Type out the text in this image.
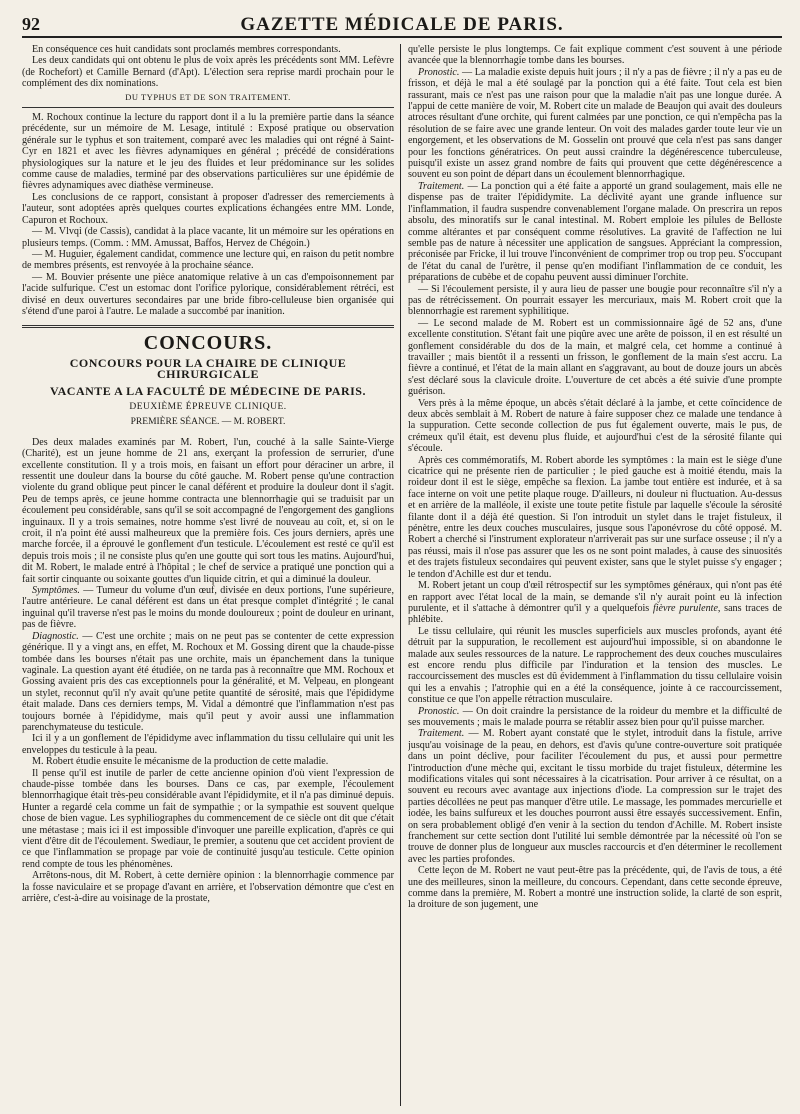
92	GAZETTE MÉDICALE DE PARIS.

En conséquence ces huit candidats sont proclamés membres correspondants.

Les deux candidats qui ont obtenu le plus de voix après les précédents sont MM. Lefèvre (de Rochefort) et Camille Bernard (d'Apt). L'élection sera reprise mardi prochain pour le complément des dix nominations.

DU TYPHUS ET DE SON TRAITEMENT.

M. Rochoux continue la lecture du rapport dont il a lu la première partie dans la séance précédente, sur un mémoire de M. Lesage, intitulé : Exposé pratique ou observation générale sur le typhus et son traitement, comparé avec les maladies qui ont régné à Saint-Cyr en 1821 et avec les fièvres adynamiques en général ; précédé de considérations physiologiques sur la nature et le jeu des fluides et leur prédominance sur les solides comme cause de maladies, terminé par des observations particulières sur une épidémie de fièvres adynamiques avec diathèse vermineuse.

Les conclusions de ce rapport, consistant à proposer d'adresser des remerciements à l'auteur, sont adoptées après quelques courtes explications échangées entre MM. Londe, Capuron et Rochoux.

— M. Vlvqi (de Cassis), candidat à la place vacante, lit un mémoire sur les opérations en plusieurs temps. (Comm. : MM. Amussat, Baffos, Hervez de Chégoin.)

— M. Huguier, également candidat, commence une lecture qui, en raison du petit nombre de membres présents, est renvoyée à la prochaine séance.

— M. Bouvier présente une pièce anatomique relative à un cas d'empoisonnement par l'acide sulfurique. C'est un estomac dont l'orifice pylorique, considérablement rétréci, est divisé en deux ouvertures secondaires par une bride fibro-celluleuse bien organisée qui s'étend d'une paroi à l'autre. Le malade a succombé par inanition.

CONCOURS.
CONCOURS POUR LA CHAIRE DE CLINIQUE CHIRURGICALE
VACANTE A LA FACULTÉ DE MÉDECINE DE PARIS.
DEUXIÈME ÉPREUVE CLINIQUE.
PREMIÈRE SÉANCE. — M. ROBERT.

Des deux malades examinés par M. Robert, l'un, couché à la salle Sainte-Vierge (Charité), est un jeune homme de 21 ans, exerçant la profession de serrurier, d'une excellente constitution. Il y a trois mois, en faisant un effort pour déraciner un arbre, il ressentit une douleur dans la bourse du côté gauche. M. Robert pense qu'une contraction violente du grand oblique peut pincer le canal déférent et produire la douleur dont il s'agit. Peu de temps après, ce jeune homme contracta une blennorrhagie qui se traduisit par un écoulement peu considérable, sans qu'il se soit accompagné de l'engorgement des ganglions inguinaux. Il y a trois semaines, notre homme s'est livré de nouveau au coït, et, si on le croit, il n'a point été aussi malheureux que la première fois. Ces jours derniers, après une marche forcée, il a éprouvé le gonflement d'un testicule. L'écoulement est resté ce qu'il est depuis trois mois ; il ne consiste plus qu'en une goutte qui sort tous les matins. Aujourd'hui, dit M. Robert, le malade entré à l'hôpital ; le chef de service a pratiqué une ponction qui a fait sortir cinquante ou soixante gouttes d'un liquide citrin, et qui a diminué la douleur.

Symptômes. — Tumeur du volume d'un œuf, divisée en deux portions, l'une supérieure, l'autre antérieure. Le canal déférent est dans un état presque complet d'intégrité ; le canal inguinal qu'il traverse n'est pas le moins du monde douloureux ; point de douleur en urinant, pas de fièvre.

Diagnostic. — C'est une orchite ; mais on ne peut pas se contenter de cette expression générique. Il y a vingt ans, en effet, M. Rochoux et M. Gossing dirent que la chaude-pisse tombée dans les bourses n'était pas une orchite, mais un épanchement dans la tunique vaginale. La question ayant été étudiée, on ne tarda pas à reconnaître que MM. Rochoux et Gossing avaient pris des cas exceptionnels pour la généralité, et M. Velpeau, en plongeant un stylet, reconnut qu'il n'y avait qu'une petite quantité de sérosité, mais que l'épididyme était malade. Dans ces derniers temps, M. Vidal a démontré que l'inflammation n'est pas toujours bornée à l'épididyme, mais qu'il peut y avoir aussi une inflammation parenchymateuse du testicule.

Ici il y a un gonflement de l'épididyme avec inflammation du tissu cellulaire qui unit les enveloppes du testicule à la peau.

M. Robert étudie ensuite le mécanisme de la production de cette maladie.

Il pense qu'il est inutile de parler de cette ancienne opinion d'où vient l'expression de chaude-pisse tombée dans les bourses. Dans ce cas, par exemple, l'écoulement blennorrhagique était très-peu considérable avant l'épididymite, et il n'a pas diminué depuis. Hunter a regardé cela comme un fait de sympathie ; or la sympathie est souvent quelque chose de bien vague. Les syphiliographes du commencement de ce siècle ont dit que c'était une métastase ; mais ici il est impossible d'invoquer une pareille explication, d'après ce qui vient d'être dit de l'écoulement. Swediaur, le premier, a soutenu que cet accident provient de ce que l'inflammation se propage par voie de continuité jusqu'au testicule. Cette opinion rend compte de tous les phénomènes.

Arrêtons-nous, dit M. Robert, à cette dernière opinion : la blennorrhagie commence par la fosse naviculaire et se propage d'avant en arrière, et l'observation démontre que c'est en arrière, c'est-à-dire au voisinage de la prostate,

qu'elle persiste le plus longtemps. Ce fait explique comment c'est souvent à une période avancée que la blennorrhagie tombe dans les bourses.

Pronostic. — La maladie existe depuis huit jours ; il n'y a pas de fièvre ; il n'y a pas eu de frisson, et déjà le mal a été soulagé par la ponction qui a été faite. Tout cela est bien rassurant, mais ce n'est pas une raison pour que la maladie n'ait pas une longue durée. A l'appui de cette manière de voir, M. Robert cite un malade de Beaujon qui avait des douleurs atroces résultant d'une orchite, qui furent calmées par une ponction, ce qui n'empêcha pas la résolution de se faire avec une grande lenteur. On voit des malades garder toute leur vie un engorgement, et les observations de M. Gosselin ont prouvé que cela n'est pas sans danger pour les fonctions génératrices. On peut aussi craindre la dégénérescence tuberculeuse, puisqu'il existe un assez grand nombre de faits qui prouvent que cette dégénérescence a souvent eu son point de départ dans un écoulement blennorrhagique.

Traitement. — La ponction qui a été faite a apporté un grand soulagement, mais elle ne dispense pas de traiter l'épididymite. La déclivité ayant une grande influence sur l'inflammation, il faudra suspendre convenablement l'organe malade. On prescrira un repos absolu, des minoratifs sur le canal intestinal. M. Robert emploie les pilules de Belloste comme altérantes et par conséquent comme résolutives. La gravité de l'affection ne lui semble pas de nature à nécessiter une application de sangsues. Appréciant la compression, préconisée par Fricke, il lui trouve l'inconvénient de comprimer trop ou trop peu. S'occupant de l'état du canal de l'urètre, il pense qu'en modifiant l'inflammation de ce conduit, les préparations de cubèbe et de copahu peuvent aussi diminuer l'orchite.

— Si l'écoulement persiste, il y aura lieu de passer une bougie pour reconnaître s'il n'y a pas de rétrécissement. On pourrait essayer les mercuriaux, mais M. Robert croit que la blennorrhagie est rarement syphilitique.

— Le second malade de M. Robert est un commissionnaire âgé de 52 ans, d'une excellente constitution. S'étant fait une piqûre avec une arête de poisson, il en est résulté un gonflement considérable du dos de la main, et malgré cela, cet homme a continué à travailler ; mais bientôt il a ressenti un frisson, le gonflement de la main s'est accru. La fièvre a continué, et l'état de la main allant en s'aggravant, au bout de douze jours un abcès s'est déclaré sous la clavicule droite. L'ouverture de cet abcès a été suivie d'une prompte guérison.

Vers près à la même époque, un abcès s'était déclaré à la jambe, et cette coïncidence de deux abcès semblait à M. Robert de nature à faire supposer chez ce malade une tendance à la suppuration. Cette seconde collection de pus fut également ouverte, mais le pus, de crémeux qu'il était, est devenu plus fluide, et aujourd'hui c'est de la sérosité filante qui s'écoule.

Après ces commémoratifs, M. Robert aborde les symptômes : la main est le siège d'une cicatrice qui ne présente rien de particulier ; le pied gauche est à moitié étendu, mais la roideur dont il est le siège, empêche sa flexion. La jambe tout entière est indurée, et à sa face interne on voit une petite plaque rouge. D'ailleurs, ni douleur ni fluctuation. Au-dessus et en arrière de la malléole, il existe une toute petite fistule par laquelle s'écoule la sérosité filante dont il a déjà été question. Si l'on introduit un stylet dans le trajet fistuleux, il pénètre, entre les deux couches musculaires, jusque sous l'aponévrose du côté opposé. M. Robert a cherché si l'instrument explorateur n'arriverait pas sur une surface osseuse ; il n'y a pas réussi, mais il n'ose pas assurer que les os ne sont point malades, à cause des sinuosités et des trajets fistuleux secondaires qui peuvent exister, sans que le stylet puisse s'y engager ; le tendon d'Achille est dur et tendu.

M. Robert jetant un coup d'œil rétrospectif sur les symptômes généraux, qui n'ont pas été en rapport avec l'état local de la main, se demande s'il n'y aurait point eu là infection purulente, et il s'attache à démontrer qu'il y a quelquefois fièvre purulente, sans traces de phlébite.

Le tissu cellulaire, qui réunit les muscles superficiels aux muscles profonds, ayant été détruit par la suppuration, le recollement est aujourd'hui impossible, si on abandonne le malade aux seules ressources de la nature. Le rapprochement des deux couches musculaires est encore rendu plus difficile par l'induration et la tension des muscles. Le raccourcissement des muscles est dû évidemment à l'inflammation du tissu cellulaire voisin qui les a envahis ; l'atrophie qui en a été la conséquence, jointe à ce raccourcissement, constitue ce que l'on appelle rétraction musculaire.

Pronostic. — On doit craindre la persistance de la roideur du membre et la difficulté de ses mouvements ; mais le malade pourra se rétablir assez bien pour qu'il puisse marcher.

Traitement. — M. Robert ayant constaté que le stylet, introduit dans la fistule, arrive jusqu'au voisinage de la peau, en dehors, est d'avis qu'une contre-ouverture soit pratiquée dans un point déclive, pour faciliter l'écoulement du pus, et aussi pour permettre l'introduction d'une mèche qui, excitant le tissu morbide du trajet fistuleux, détermine les modifications vitales qui sont nécessaires à la cicatrisation. Pour arriver à ce résultat, on a souvent eu recours avec avantage aux injections d'iode. La compression sur le trajet des parties décollées ne peut pas manquer d'être utile. Le massage, les pommades mercurielle et iodée, les bains sulfureux et les douches pourront aussi être essayés successivement. Enfin, on sera probablement obligé d'en venir à la section du tendon d'Achille. M. Robert insiste franchement sur cette section dont l'utilité lui semble démontrée par la nécessité où l'on se trouve de donner plus de longueur aux muscles raccourcis et d'en déterminer le recollement avec les parties profondes.

Cette leçon de M. Robert ne vaut peut-être pas la précédente, qui, de l'avis de tous, a été une des meilleures, sinon la meilleure, du concours. Cependant, dans cette seconde épreuve, comme dans la première, M. Robert a montré une instruction solide, la clarté de son esprit, la droiture de son jugement, une
